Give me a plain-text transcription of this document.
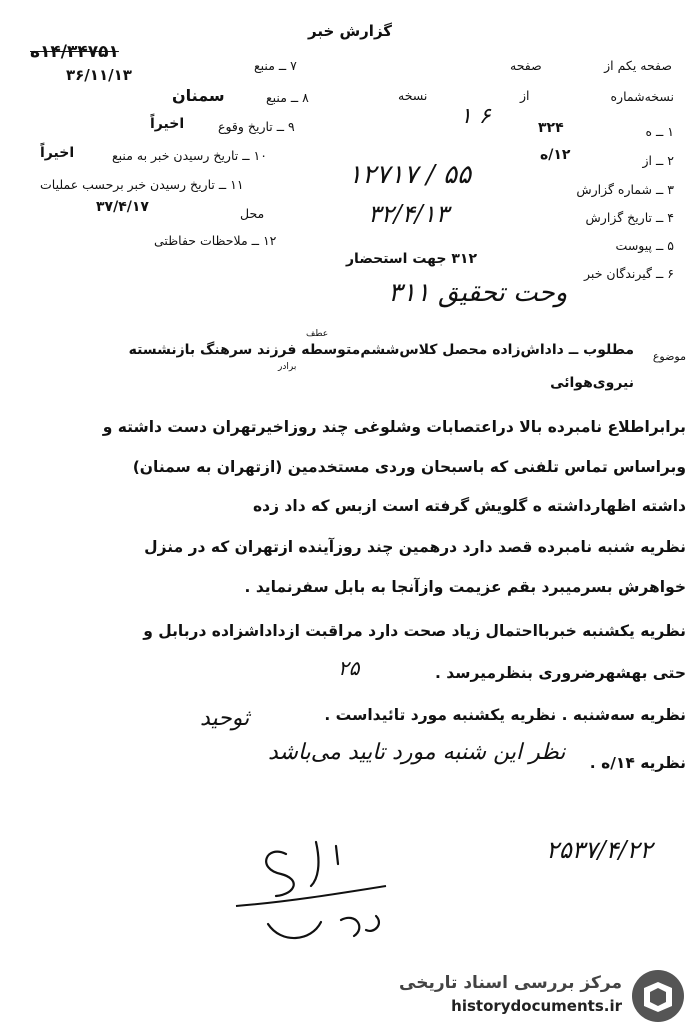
گزارش خبر
صفحه یکم از
صفحه
نسخه‌شماره
از
نسخه
۱ ۶
۱ ــ ه
۳۲۴
۲ ــ از
۱۲/ه
۳ ــ شماره گزارش
۱۲۷۱۷ / ۵۵
۴ ــ تاریخ گزارش
۳۲/۴/۱۳
۵ ــ پیوست
۶ ــ گیرندگان خبر
۳۱۲ جهت استحضار
۳۱۱ وحت تحقیق
۷ ــ منبع
۱۴/۳۴۷۵۱ه
۳۶/۱۱/۱۳
۸ ــ منبع
سمنان
۹ ــ تاریخ وقوع
اخیراً
۱۰ ــ تاریخ رسیدن خبر به منبع
اخیراً
۱۱ ــ تاریخ رسیدن خبر برحسب عملیات
محل
۳۷/۴/۱۷
۱۲ ــ ملاحظات حفاظتی
موضوع
عطف
برادر
مطلوب ــ داداش‌زاده محصل کلاس‌ششم‌متوسطه فرزند سرهنگ بازنشسته
نیروی‌هوائی
برابراطلاع نامبرده بالا دراعتصابات وشلوغی چند روزاخیرتهران دست داشته و
وبراساس تماس تلفنی که باسبحان وردی مستخدمین (ازتهران به سمنان)
داشته اظهارداشته ه گلویش گرفته است ازبس که داد زده
نظریه شنبه نامبرده قصد دارد درهمین چند روزآینده ازتهران که در منزل
خواهرش بسرمیبرد بقم عزیمت وازآنجا به بابل سفرنماید .
نظریه یکشنبه خبربااحتمال زیاد صحت دارد مراقبت ازداداشزاده دربابل و
حتی بهشهرضروری بنظرمیرسد .
۲۵
نظریه سه‌شنبه . نظریه یکشنبه مورد تائیداست .
ثوحید
نظریه ۱۴/ه .
نظر این شنبه مورد تایید می‌باشد
۲۵۳۷/۴/۲۲
مرکز بررسی اسناد تاریخی
historydocuments.ir
